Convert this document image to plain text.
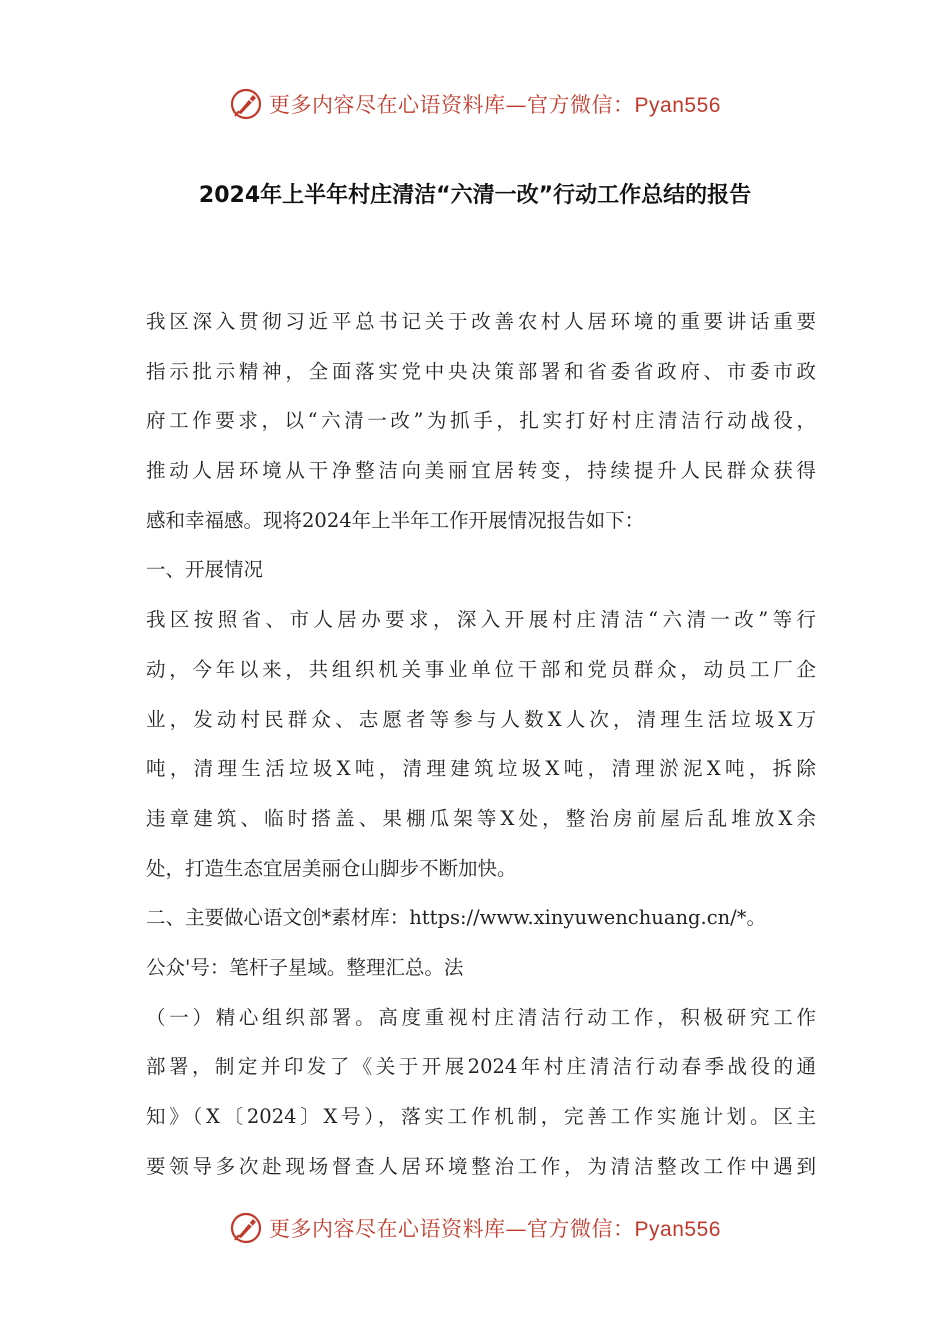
更多内容尽在心语资料库—官方微信：Pyan556
2024年上半年村庄清洁“六清一改”行动工作总结的报告
我区深入贯彻习近平总书记关于改善农村人居环境的重要讲话重要
指示批示精神，全面落实党中央决策部署和省委省政府、市委市政
府工作要求，以“六清一改”为抓手，扎实打好村庄清洁行动战役，
推动人居环境从干净整洁向美丽宜居转变，持续提升人民群众获得
感和幸福感。现将2024年上半年工作开展情况报告如下：
一、开展情况
我区按照省、市人居办要求，深入开展村庄清洁“六清一改”等行
动，今年以来，共组织机关事业单位干部和党员群众，动员工厂企
业，发动村民群众、志愿者等参与人数X人次，清理生活垃圾X万
吨，清理生活垃圾X吨，清理建筑垃圾X吨，清理淤泥X吨，拆除
违章建筑、临时搭盖、果棚瓜架等X处，整治房前屋后乱堆放X余
处，打造生态宜居美丽仓山脚步不断加快。
二、主要做心语文创*素材库：https://www.xinyuwenchuang.cn/*。
公众'号：笔杆子星域。整理汇总。法
（一）精心组织部署。高度重视村庄清洁行动工作，积极研究工作
部署，制定并印发了《关于开展2024年村庄清洁行动春季战役的通
知》（X〔2024〕X号），落实工作机制，完善工作实施计划。区主
要领导多次赴现场督查人居环境整治工作，为清洁整改工作中遇到
更多内容尽在心语资料库—官方微信：Pyan556
